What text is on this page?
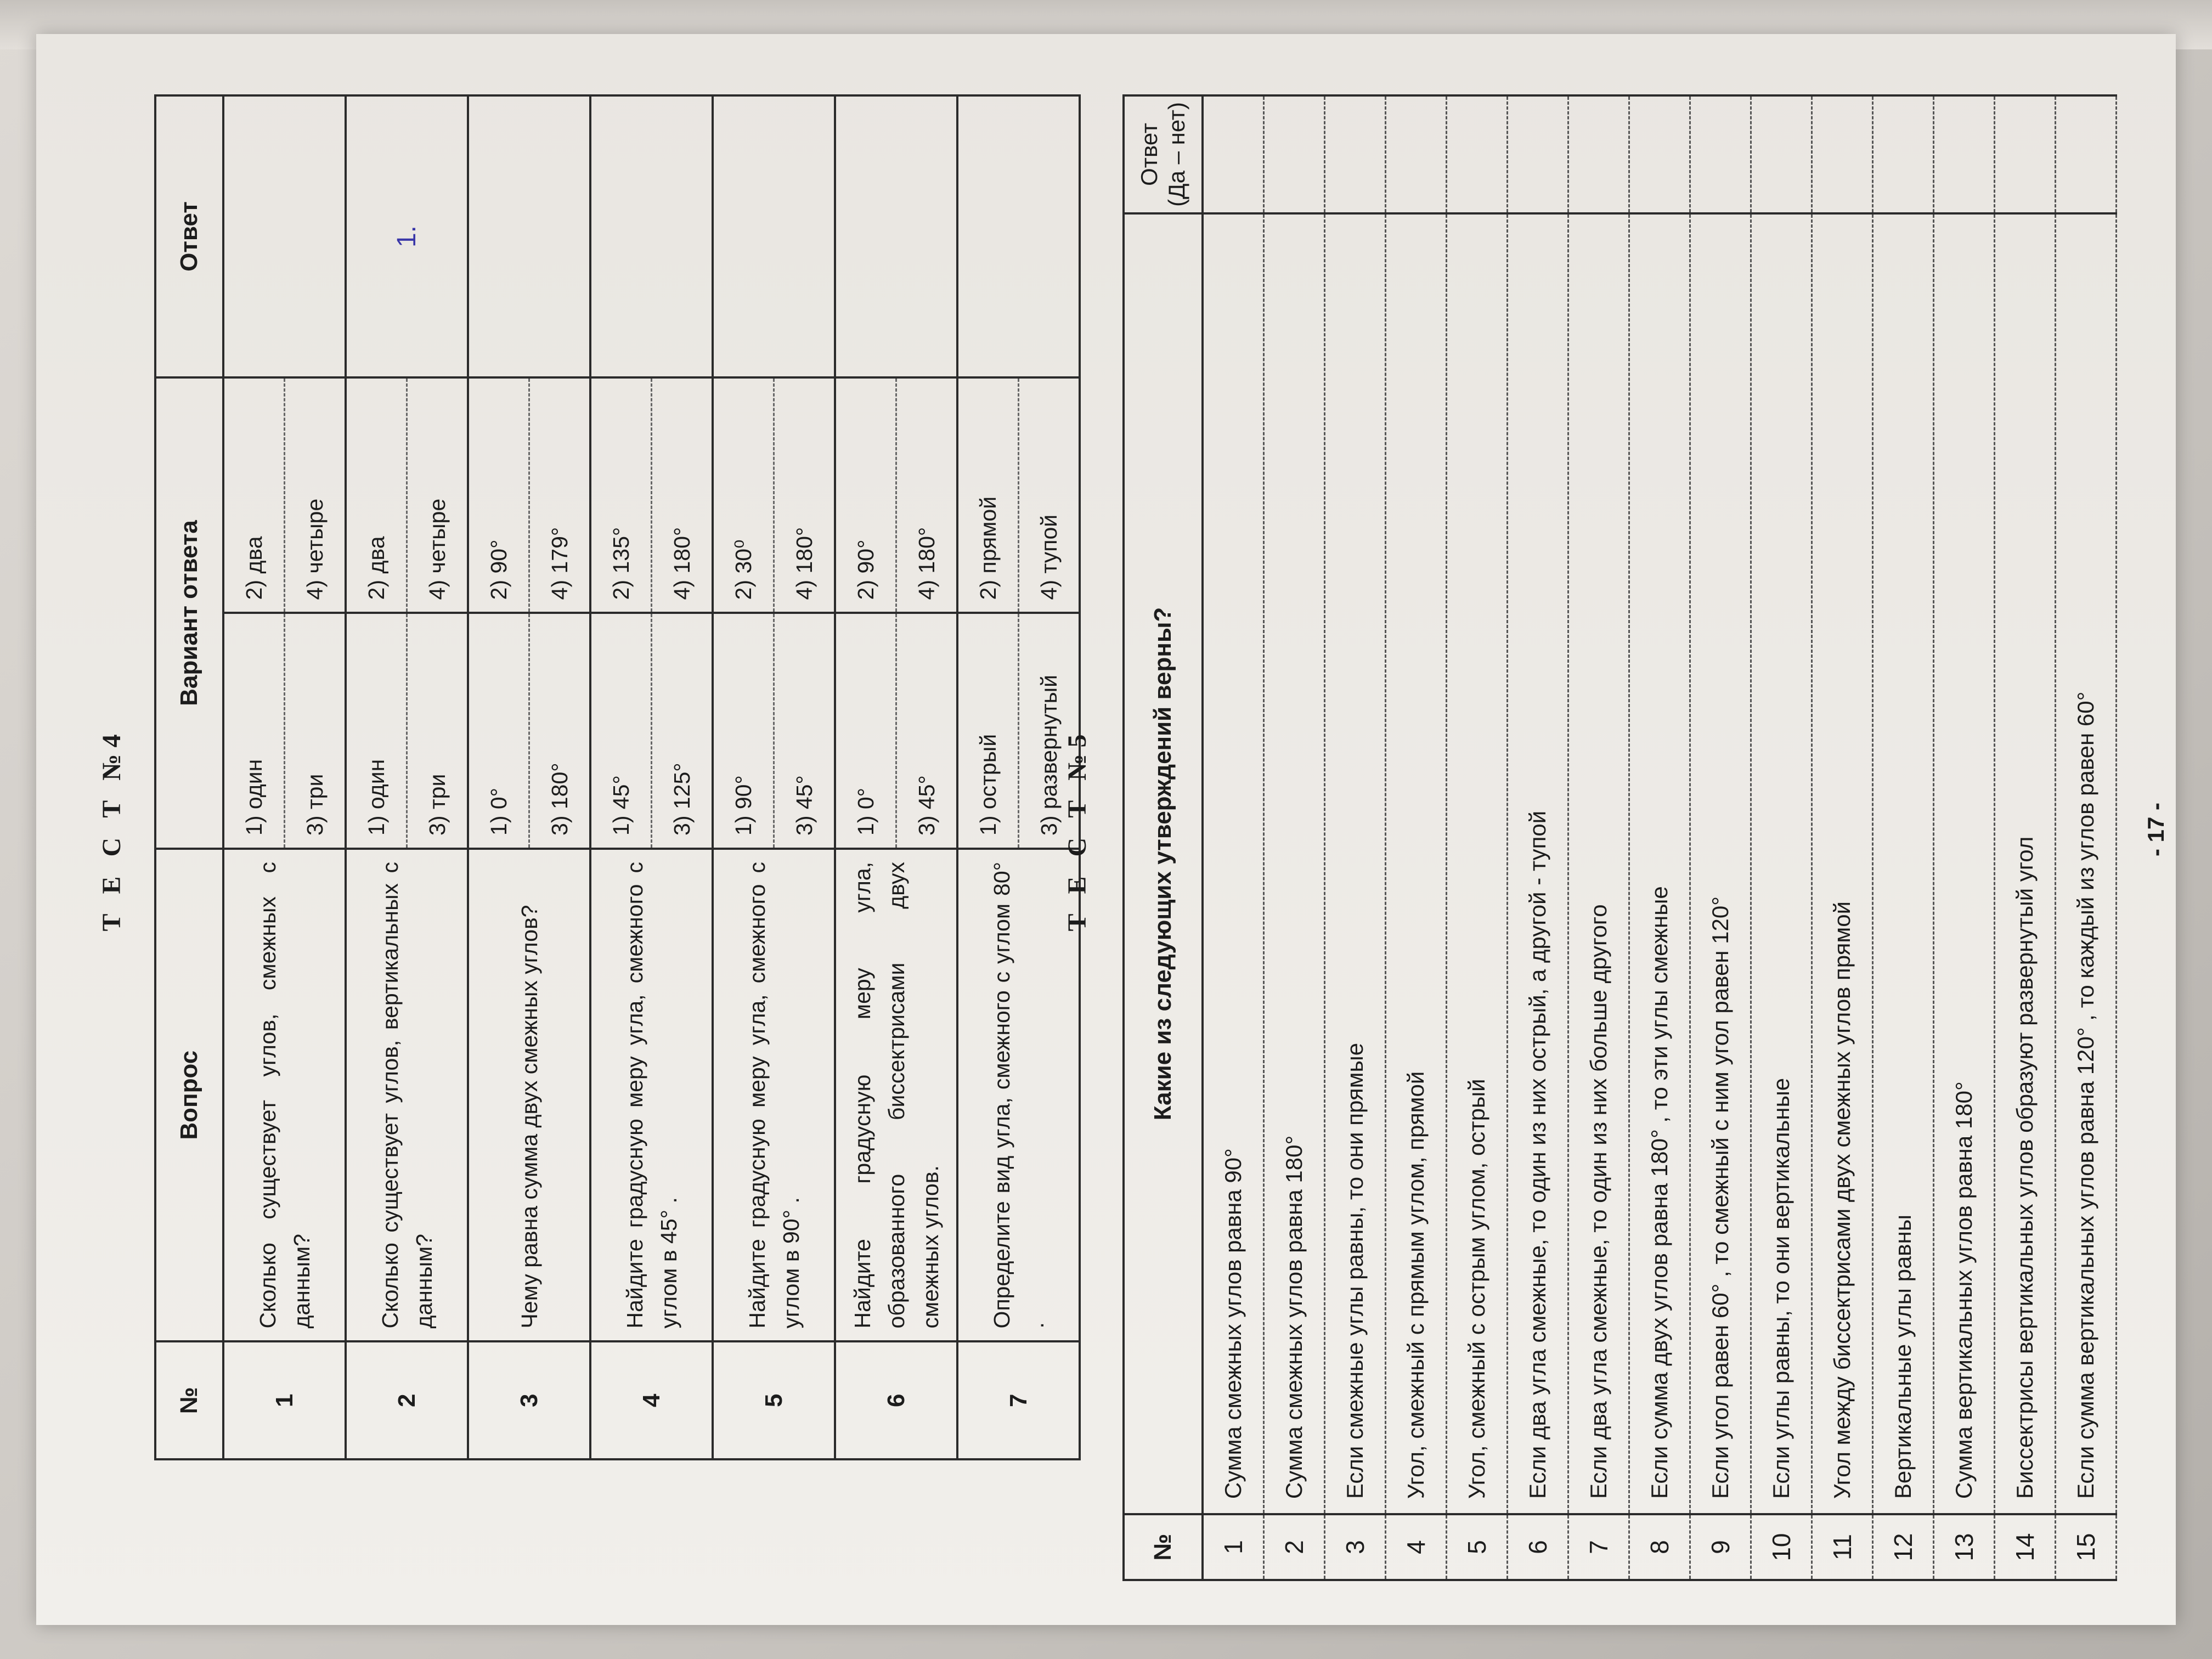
Т Е С Т №4
№	Вопрос	Вариант ответа		Ответ
1	Сколько существует углов, смежных с данным?	1) один	2) два	
		3) три	4) четыре	
2	Сколько существует углов, вертикальных с данным?	1) один	2) два	1.
		3) три	4) четыре	
3	Чему равна сумма двух смежных углов?	1) 0°	2) 90°	
		3) 180°	4) 179°	
4	Найдите градусную меру угла, смежного с углом в 45° .	1) 45°	2) 135°	
		3) 125°	4) 180°	
5	Найдите градусную меру угла, смежного с углом в 90° .	1) 90°	2) 30⁰	
		3) 45°	4) 180°	
6	Найдите градусную меру угла, образованного биссектрисами двух смежных углов.	1) 0°	2) 90°	
		3) 45°	4) 180°	
7	Определите вид угла, смежного с углом 80° .	1) острый	2) прямой	
		3) развернутый	4) тупой	
Т Е С Т №5
№	Какие из следующих утверждений верны?	Ответ (Да – нет)

1	Сумма смежных углов равна 90°	
2	Сумма смежных углов равна 180°	
3	Если смежные углы равны, то они прямые	
4	Угол, смежный с прямым углом, прямой	
5	Угол, смежный с острым углом, острый	
6	Если два угла смежные, то один из них острый, а другой - тупой	
7	Если два угла смежные, то один из них больше другого	
8	Если сумма двух углов равна 180° , то эти углы смежные	
9	Если угол равен 60° , то смежный с ним угол равен 120°	
10	Если углы равны, то они вертикальные	
11	Угол между биссектрисами двух смежных углов прямой	
12	Вертикальные углы равны	
13	Сумма вертикальных углов равна 180°	
14	Биссектрисы вертикальных углов образуют развернутый угол	
15	Если сумма вертикальных углов равна 120° , то каждый из углов равен 60°	- 17 -
